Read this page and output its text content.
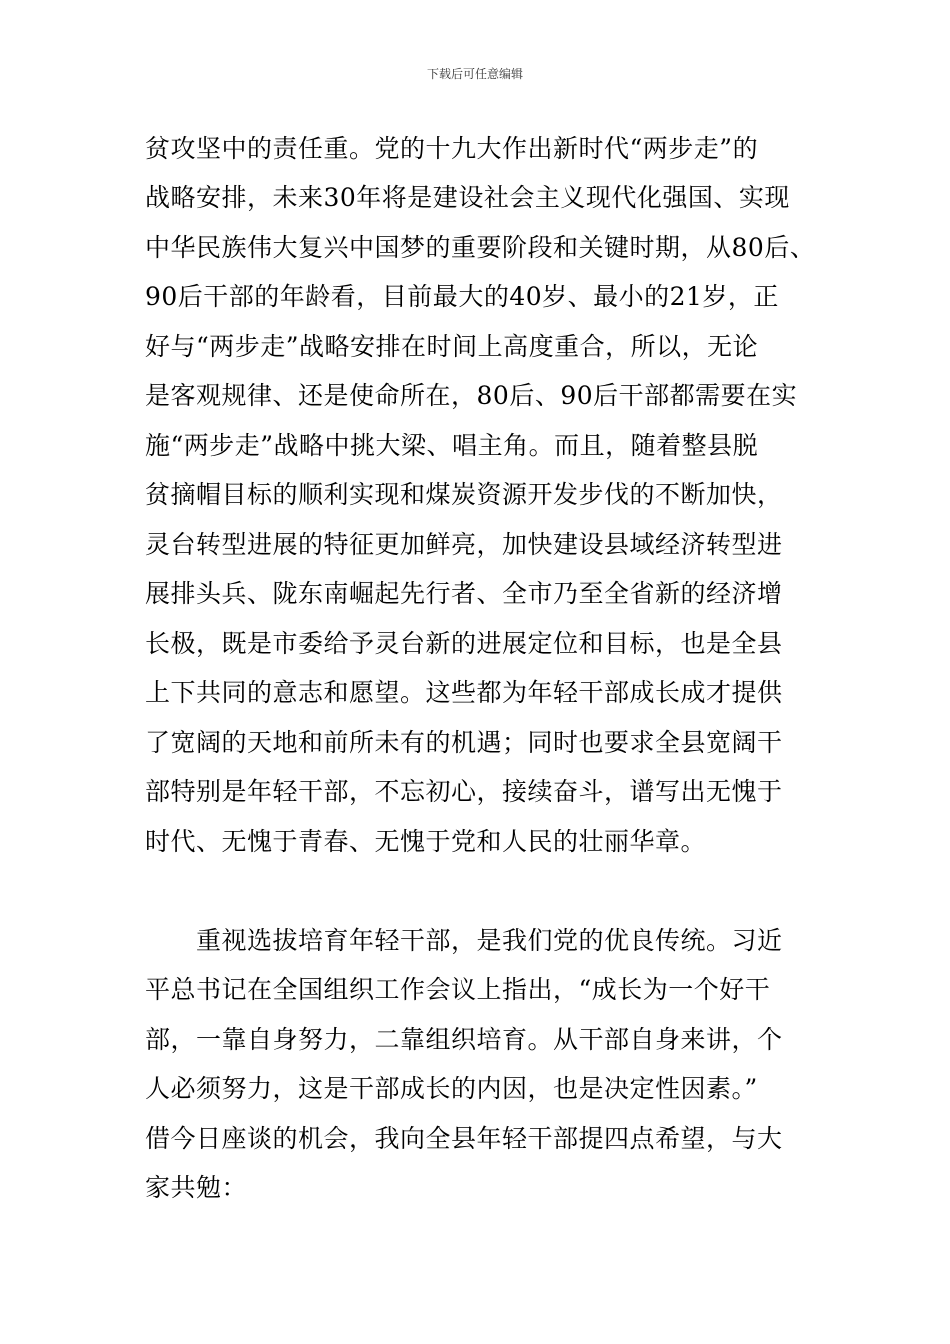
下载后可任意编辑
贫攻坚中的责任重。党的十九大作出新时代“两步走”的
战略安排，未来30年将是建设社会主义现代化强国、实现
中华民族伟大复兴中国梦的重要阶段和关键时期，从80后、
90后干部的年龄看，目前最大的40岁、最小的21岁，正
好与“两步走”战略安排在时间上高度重合，所以，无论
是客观规律、还是使命所在，80后、90后干部都需要在实
施“两步走”战略中挑大梁、唱主角。而且，随着整县脱
贫摘帽目标的顺利实现和煤炭资源开发步伐的不断加快，
灵台转型进展的特征更加鲜亮，加快建设县域经济转型进
展排头兵、陇东南崛起先行者、全市乃至全省新的经济增
长极，既是市委给予灵台新的进展定位和目标，也是全县
上下共同的意志和愿望。这些都为年轻干部成长成才提供
了宽阔的天地和前所未有的机遇；同时也要求全县宽阔干
部特别是年轻干部，不忘初心，接续奋斗，谱写出无愧于
时代、无愧于青春、无愧于党和人民的壮丽华章。
重视选拔培育年轻干部，是我们党的优良传统。习近
平总书记在全国组织工作会议上指出，“成长为一个好干
部，一靠自身努力，二靠组织培育。从干部自身来讲，个
人必须努力，这是干部成长的内因，也是决定性因素。”
借今日座谈的机会，我向全县年轻干部提四点希望，与大
家共勉：
